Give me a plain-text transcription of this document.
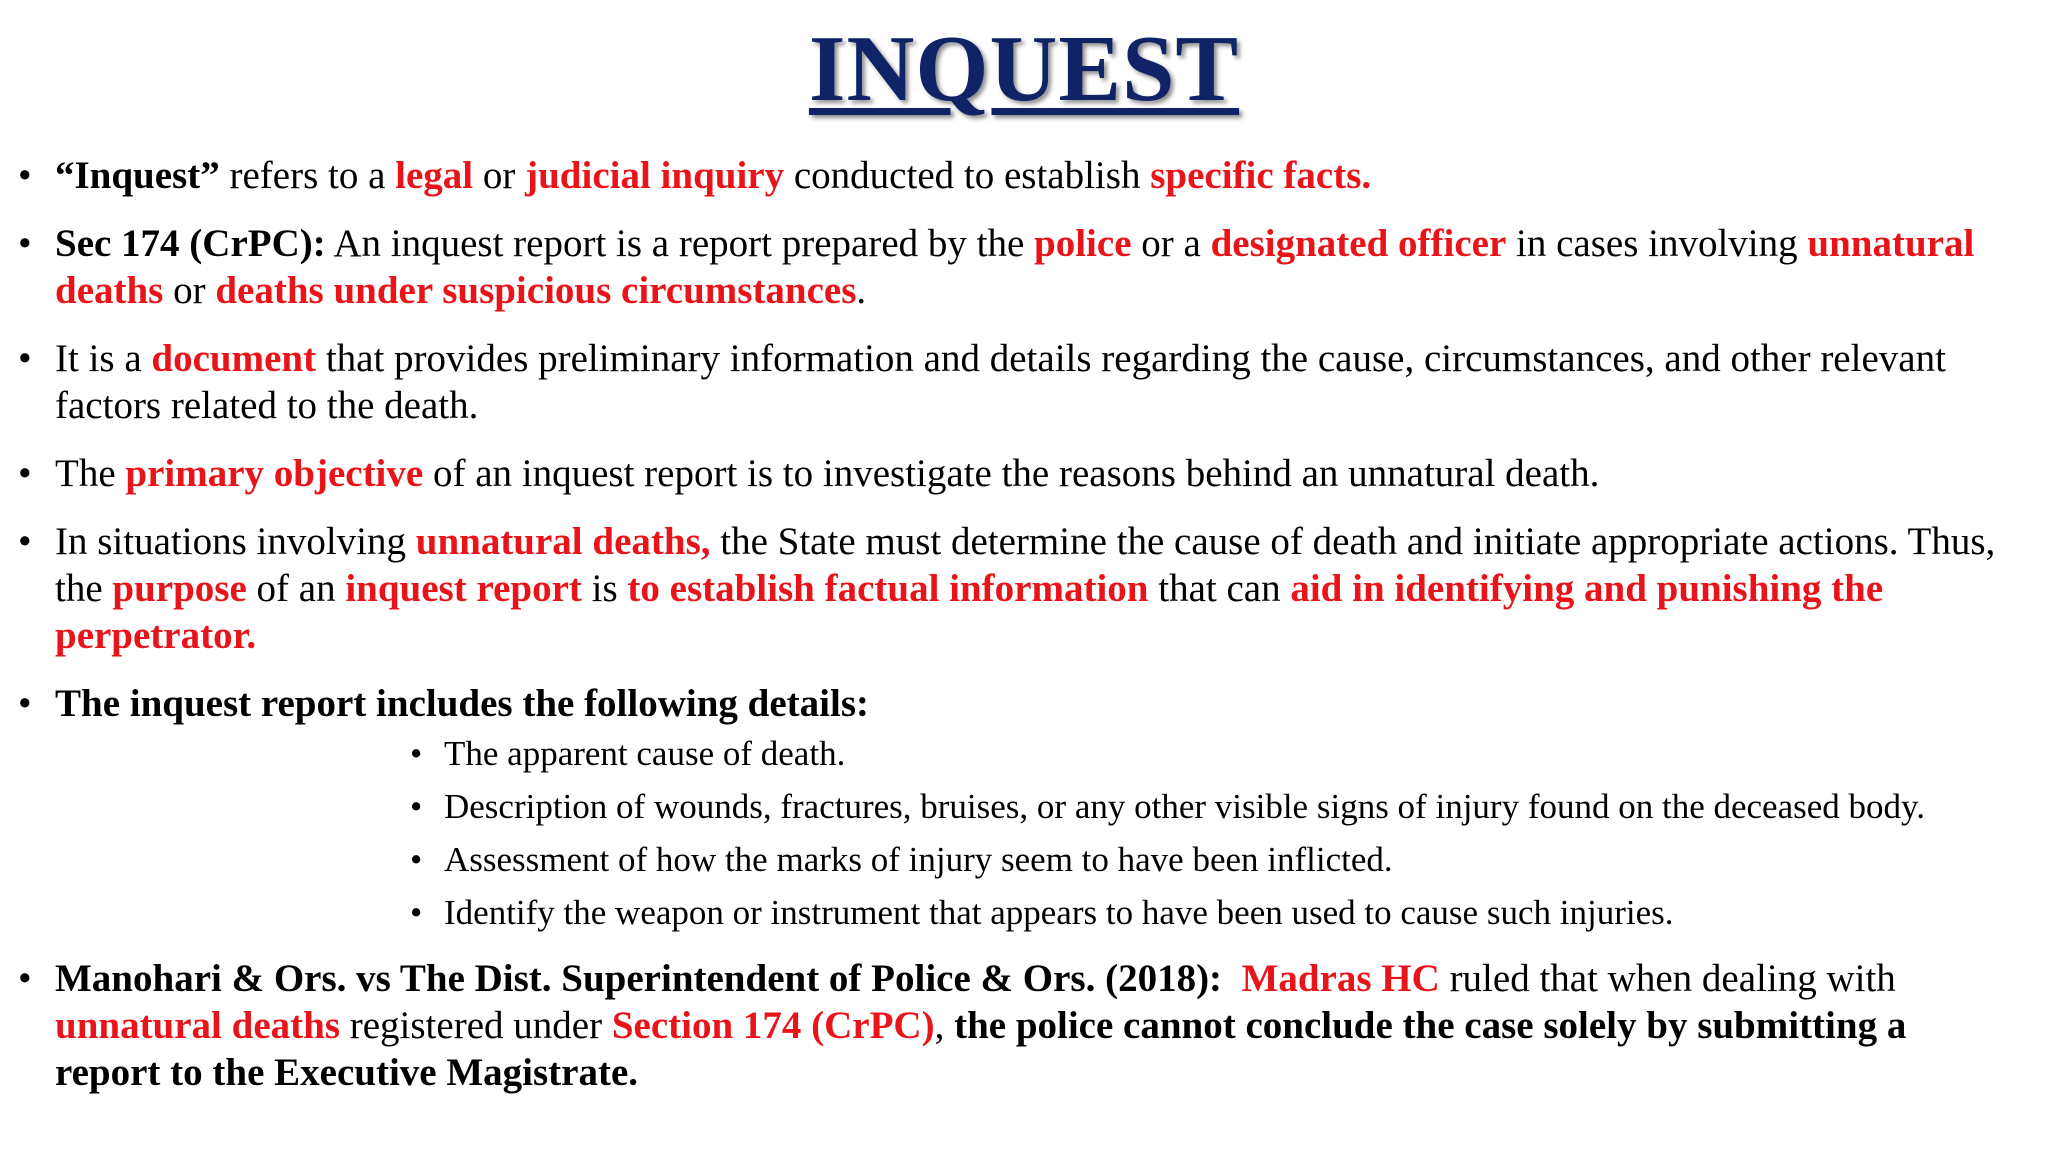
INQUEST
• “Inquest” refers to a legal or judicial inquiry conducted to establish specific facts.
• Sec 174 (CrPC): An inquest report is a report prepared by the police or a designated officer in cases involving unnatural deaths or deaths under suspicious circumstances.
• It is a document that provides preliminary information and details regarding the cause, circumstances, and other relevant factors related to the death.
• The primary objective of an inquest report is to investigate the reasons behind an unnatural death.
• In situations involving unnatural deaths, the State must determine the cause of death and initiate appropriate actions. Thus, the purpose of an inquest report is to establish factual information that can aid in identifying and punishing the perpetrator.
• The inquest report includes the following details:
• The apparent cause of death.
• Description of wounds, fractures, bruises, or any other visible signs of injury found on the deceased body.
• Assessment of how the marks of injury seem to have been inflicted.
• Identify the weapon or instrument that appears to have been used to cause such injuries.
• Manohari & Ors. vs The Dist. Superintendent of Police & Ors. (2018): Madras HC ruled that when dealing with unnatural deaths registered under Section 174 (CrPC), the police cannot conclude the case solely by submitting a report to the Executive Magistrate.
